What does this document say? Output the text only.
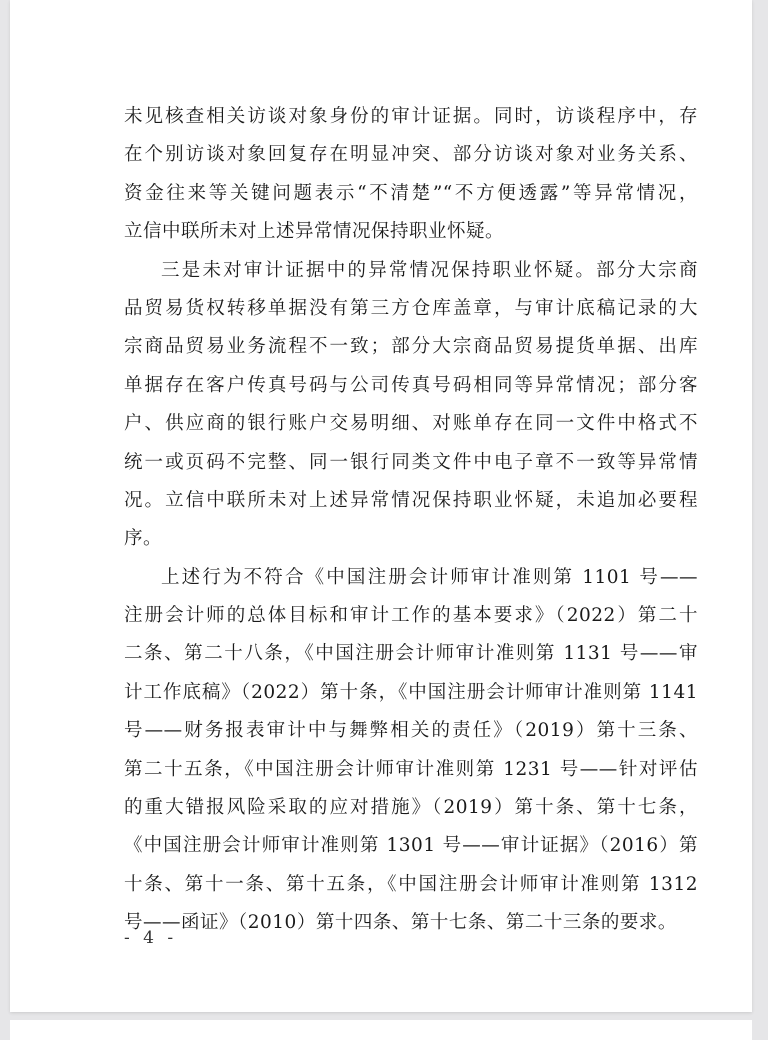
未见核查相关访谈对象身份的审计证据。同时，访谈程序中，存
在个别访谈对象回复存在明显冲突、部分访谈对象对业务关系、
资金往来等关键问题表示“不清楚”“不方便透露”等异常情况，
立信中联所未对上述异常情况保持职业怀疑。
三是未对审计证据中的异常情况保持职业怀疑。部分大宗商
品贸易货权转移单据没有第三方仓库盖章，与审计底稿记录的大
宗商品贸易业务流程不一致；部分大宗商品贸易提货单据、出库
单据存在客户传真号码与公司传真号码相同等异常情况；部分客
户、供应商的银行账户交易明细、对账单存在同一文件中格式不
统一或页码不完整、同一银行同类文件中电子章不一致等异常情
况。立信中联所未对上述异常情况保持职业怀疑，未追加必要程
序。
上述行为不符合《中国注册会计师审计准则第 1101 号——
注册会计师的总体目标和审计工作的基本要求》（2022）第二十
二条、第二十八条，《中国注册会计师审计准则第 1131 号——审
计工作底稿》（2022）第十条，《中国注册会计师审计准则第 1141
号——财务报表审计中与舞弊相关的责任》（2019）第十三条、
第二十五条，《中国注册会计师审计准则第 1231 号——针对评估
的重大错报风险采取的应对措施》（2019）第十条、第十七条，
《中国注册会计师审计准则第 1301 号——审计证据》（2016）第
十条、第十一条、第十五条，《中国注册会计师审计准则第 1312
号——函证》（2010）第十四条、第十七条、第二十三条的要求。
- 4 -
